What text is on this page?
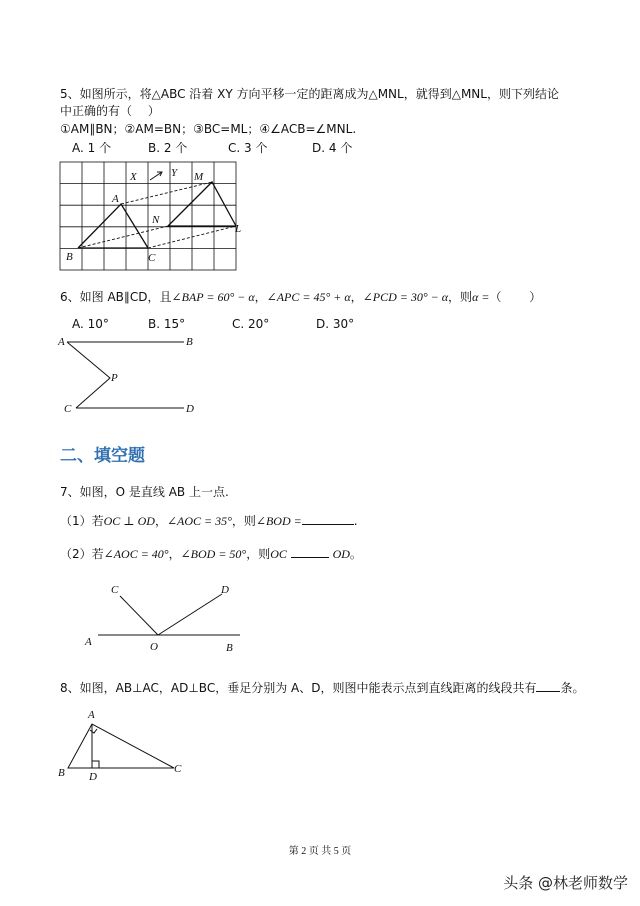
5、如图所示，将△ABC 沿着 XY 方向平移一定的距离成为△MNL，就得到△MNL，则下列结论
中正确的有（　 ）
①AM∥BN；②AM=BN；③BC=ML；④∠ACB=∠MNL.
A. 1 个	B. 2 个	C. 3 个	D. 4 个
X	Y
A
M
N
L
B	C
6、如图 AB∥CD，且∠BAP = 60° − α，∠APC = 45° + α，∠PCD = 30° − α，则α =（　　 ）
A. 10°	B. 15°	C. 20°	D. 30°
A	B
P
C	D
二、填空题
7、如图，O 是直线 AB 上一点.
（1）若OC ⊥ OD，∠AOC = 35°，则∠BOD =	.
（2）若∠AOC = 40°，∠BOD = 50°，则OC	OD。
C	D
A	O	B
8、如图，AB⊥AC，AD⊥BC，垂足分别为 A、D，则图中能表示点到直线距离的线段共有 条。
A
B D
C
第 2 页 共 5 页
头条 @林老师数学
